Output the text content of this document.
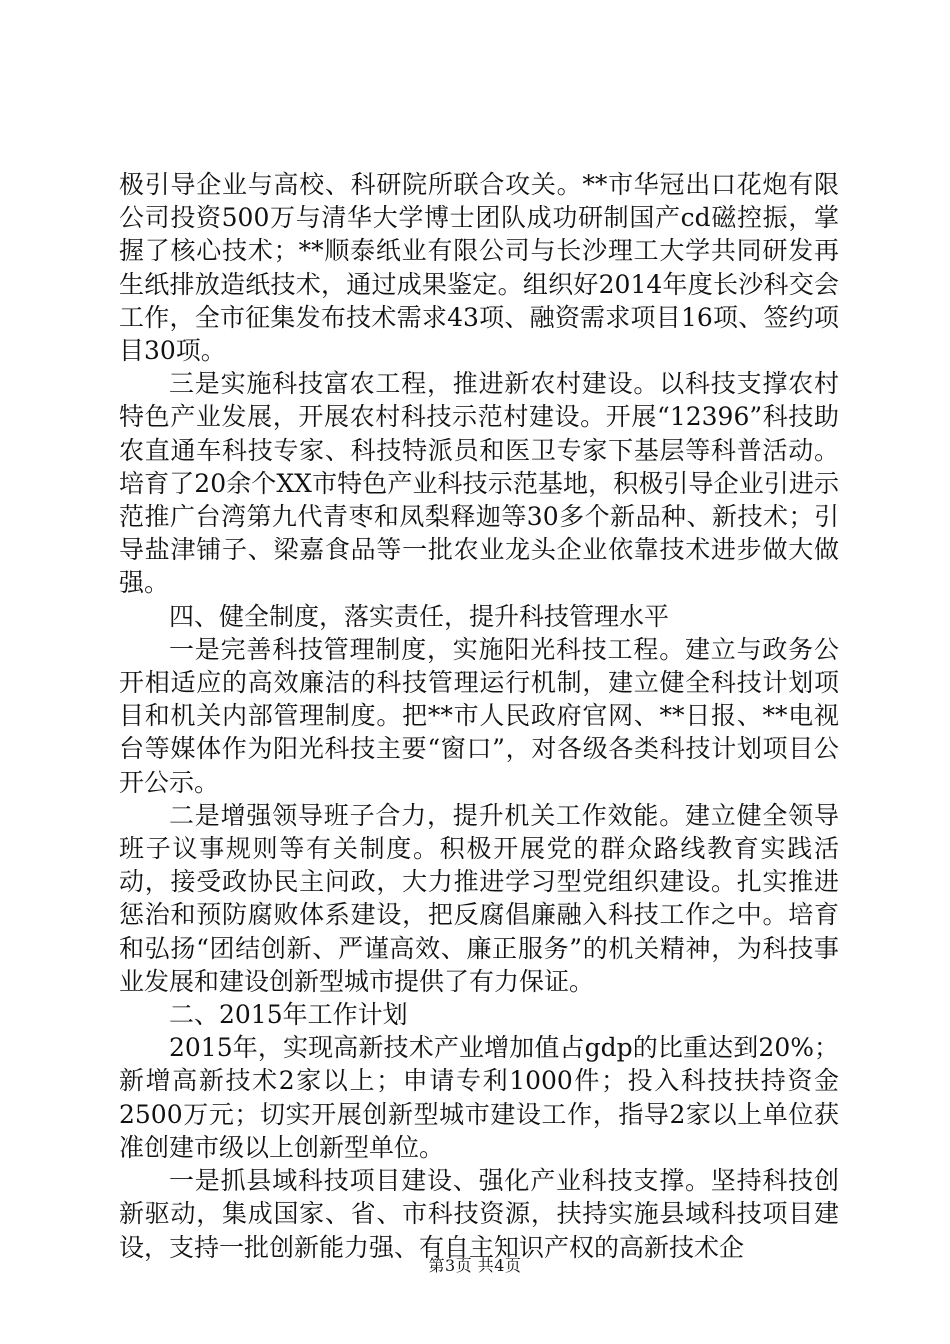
极引导企业与高校、科研院所联合攻关。**市华冠出口花炮有限公司投资500万与清华大学博士团队成功研制国产cd磁控振，掌握了核心技术；**顺泰纸业有限公司与长沙理工大学共同研发再生纸排放造纸技术，通过成果鉴定。组织好2014年度长沙科交会工作，全市征集发布技术需求43项、融资需求项目16项、签约项目30项。

三是实施科技富农工程，推进新农村建设。以科技支撑农村特色产业发展，开展农村科技示范村建设。开展“12396”科技助农直通车科技专家、科技特派员和医卫专家下基层等科普活动。培育了20余个XX市特色产业科技示范基地，积极引导企业引进示范推广台湾第九代青枣和凤梨释迦等30多个新品种、新技术；引导盐津铺子、梁嘉食品等一批农业龙头企业依靠技术进步做大做强。

四、健全制度，落实责任，提升科技管理水平

一是完善科技管理制度，实施阳光科技工程。建立与政务公开相适应的高效廉洁的科技管理运行机制，建立健全科技计划项目和机关内部管理制度。把**市人民政府官网、**日报、**电视台等媒体作为阳光科技主要“窗口”，对各级各类科技计划项目公开公示。

二是增强领导班子合力，提升机关工作效能。建立健全领导班子议事规则等有关制度。积极开展党的群众路线教育实践活动，接受政协民主问政，大力推进学习型党组织建设。扎实推进惩治和预防腐败体系建设，把反腐倡廉融入科技工作之中。培育和弘扬“团结创新、严谨高效、廉正服务”的机关精神，为科技事业发展和建设创新型城市提供了有力保证。

二、2015年工作计划

2015年，实现高新技术产业增加值占gdp的比重达到20%；新增高新技术2家以上；申请专利1000件；投入科技扶持资金2500万元；切实开展创新型城市建设工作，指导2家以上单位获准创建市级以上创新型单位。

一是抓县域科技项目建设、强化产业科技支撑。坚持科技创新驱动，集成国家、省、市科技资源，扶持实施县域科技项目建设，支持一批创新能力强、有自主知识产权的高新技术企

第3页 共4页
